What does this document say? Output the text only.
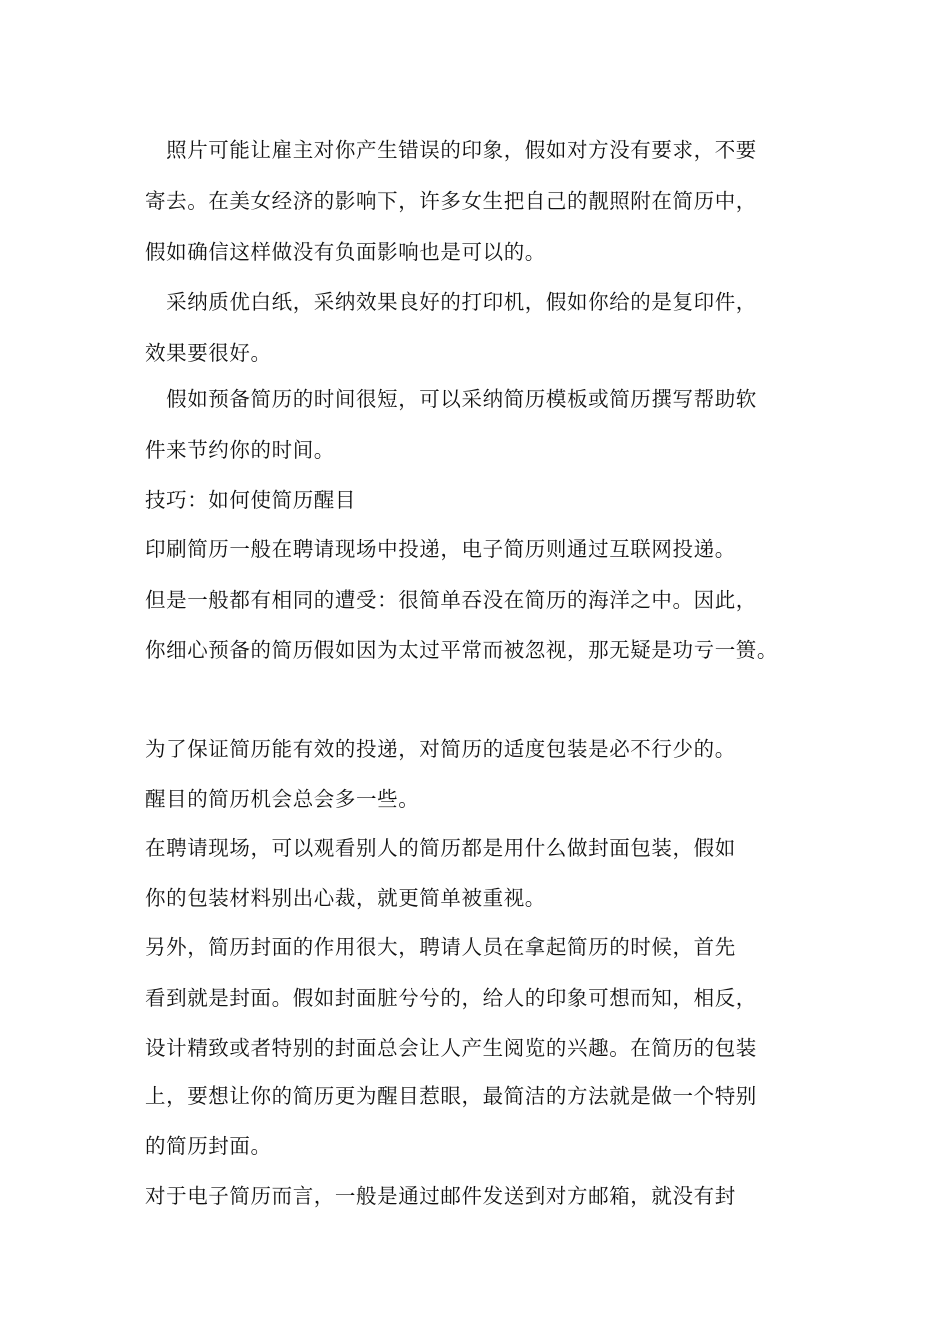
　照片可能让雇主对你产生错误的印象，假如对方没有要求，不要
寄去。在美女经济的影响下，许多女生把自己的靓照附在简历中，
假如确信这样做没有负面影响也是可以的。
　采纳质优白纸，采纳效果良好的打印机，假如你给的是复印件，
效果要很好。
　假如预备简历的时间很短，可以采纳简历模板或简历撰写帮助软
件来节约你的时间。
技巧：如何使简历醒目
印刷简历一般在聘请现场中投递，电子简历则通过互联网投递。
但是一般都有相同的遭受：很简单吞没在简历的海洋之中。因此，
你细心预备的简历假如因为太过平常而被忽视，那无疑是功亏一篑。
为了保证简历能有效的投递，对简历的适度包装是必不行少的。
醒目的简历机会总会多一些。
在聘请现场，可以观看别人的简历都是用什么做封面包装，假如
你的包装材料别出心裁，就更简单被重视。
另外，简历封面的作用很大，聘请人员在拿起简历的时候，首先
看到就是封面。假如封面脏兮兮的，给人的印象可想而知，相反，
设计精致或者特别的封面总会让人产生阅览的兴趣。在简历的包装
上，要想让你的简历更为醒目惹眼，最简洁的方法就是做一个特别
的简历封面。
对于电子简历而言，一般是通过邮件发送到对方邮箱，就没有封
